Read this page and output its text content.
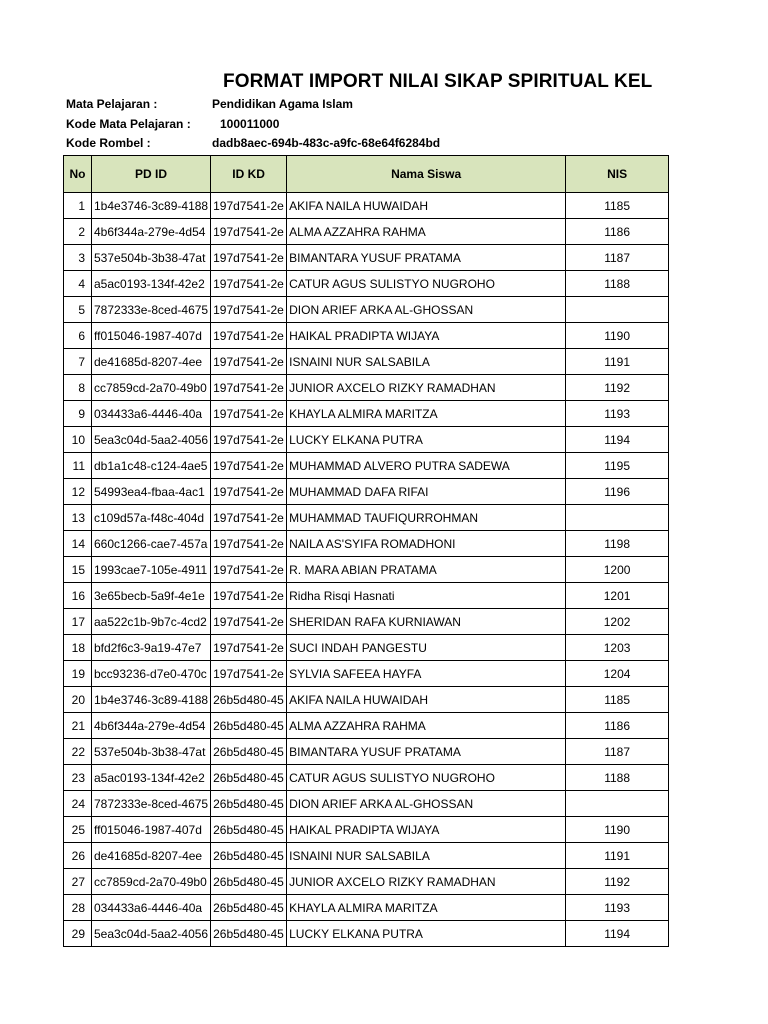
FORMAT IMPORT NILAI SIKAP SPIRITUAL KEL
Mata Pelajaran :	Pendidikan Agama Islam
Kode Mata Pelajaran : 100011000
Kode Rombel :	dadb8aec-694b-483c-a9fc-68e64f6284bd
No	PD ID	ID KD	Nama Siswa	NIS
1	1b4e3746-3c89-4188	197d7541-2e	AKIFA NAILA HUWAIDAH	1185
2	4b6f344a-279e-4d54	197d7541-2e	ALMA AZZAHRA RAHMA	1186
3	537e504b-3b38-47at	197d7541-2e	BIMANTARA YUSUF PRATAMA	1187
4	a5ac0193-134f-42e2	197d7541-2e	CATUR AGUS SULISTYO NUGROHO	1188
5	7872333e-8ced-4675	197d7541-2e	DION ARIEF ARKA AL-GHOSSAN	
6	ff015046-1987-407d	197d7541-2e	HAIKAL PRADIPTA WIJAYA	1190
7	de41685d-8207-4ee	197d7541-2e	ISNAINI NUR SALSABILA	1191
8	cc7859cd-2a70-49b0	197d7541-2e	JUNIOR AXCELO RIZKY RAMADHAN	1192
9	034433a6-4446-40a	197d7541-2e	KHAYLA ALMIRA MARITZA	1193
10	5ea3c04d-5aa2-4056	197d7541-2e	LUCKY ELKANA PUTRA	1194
11	db1a1c48-c124-4ae5	197d7541-2e	MUHAMMAD ALVERO PUTRA SADEWA	1195
12	54993ea4-fbaa-4ac1	197d7541-2e	MUHAMMAD DAFA RIFAI	1196
13	c109d57a-f48c-404d	197d7541-2e	MUHAMMAD TAUFIQURROHMAN	
14	660c1266-cae7-457a	197d7541-2e	NAILA AS'SYIFA ROMADHONI	1198
15	1993cae7-105e-4911	197d7541-2e	R. MARA ABIAN PRATAMA	1200
16	3e65becb-5a9f-4e1e	197d7541-2e	Ridha Risqi Hasnati	1201
17	aa522c1b-9b7c-4cd2	197d7541-2e	SHERIDAN RAFA KURNIAWAN	1202
18	bfd2f6c3-9a19-47e7	197d7541-2e	SUCI INDAH PANGESTU	1203
19	bcc93236-d7e0-470c	197d7541-2e	SYLVIA SAFEEA HAYFA	1204
20	1b4e3746-3c89-4188	26b5d480-45	AKIFA NAILA HUWAIDAH	1185
21	4b6f344a-279e-4d54	26b5d480-45	ALMA AZZAHRA RAHMA	1186
22	537e504b-3b38-47at	26b5d480-45	BIMANTARA YUSUF PRATAMA	1187
23	a5ac0193-134f-42e2	26b5d480-45	CATUR AGUS SULISTYO NUGROHO	1188
24	7872333e-8ced-4675	26b5d480-45	DION ARIEF ARKA AL-GHOSSAN	
25	ff015046-1987-407d	26b5d480-45	HAIKAL PRADIPTA WIJAYA	1190
26	de41685d-8207-4ee	26b5d480-45	ISNAINI NUR SALSABILA	1191
27	cc7859cd-2a70-49b0	26b5d480-45	JUNIOR AXCELO RIZKY RAMADHAN	1192
28	034433a6-4446-40a	26b5d480-45	KHAYLA ALMIRA MARITZA	1193
29	5ea3c04d-5aa2-4056	26b5d480-45	LUCKY ELKANA PUTRA	1194
